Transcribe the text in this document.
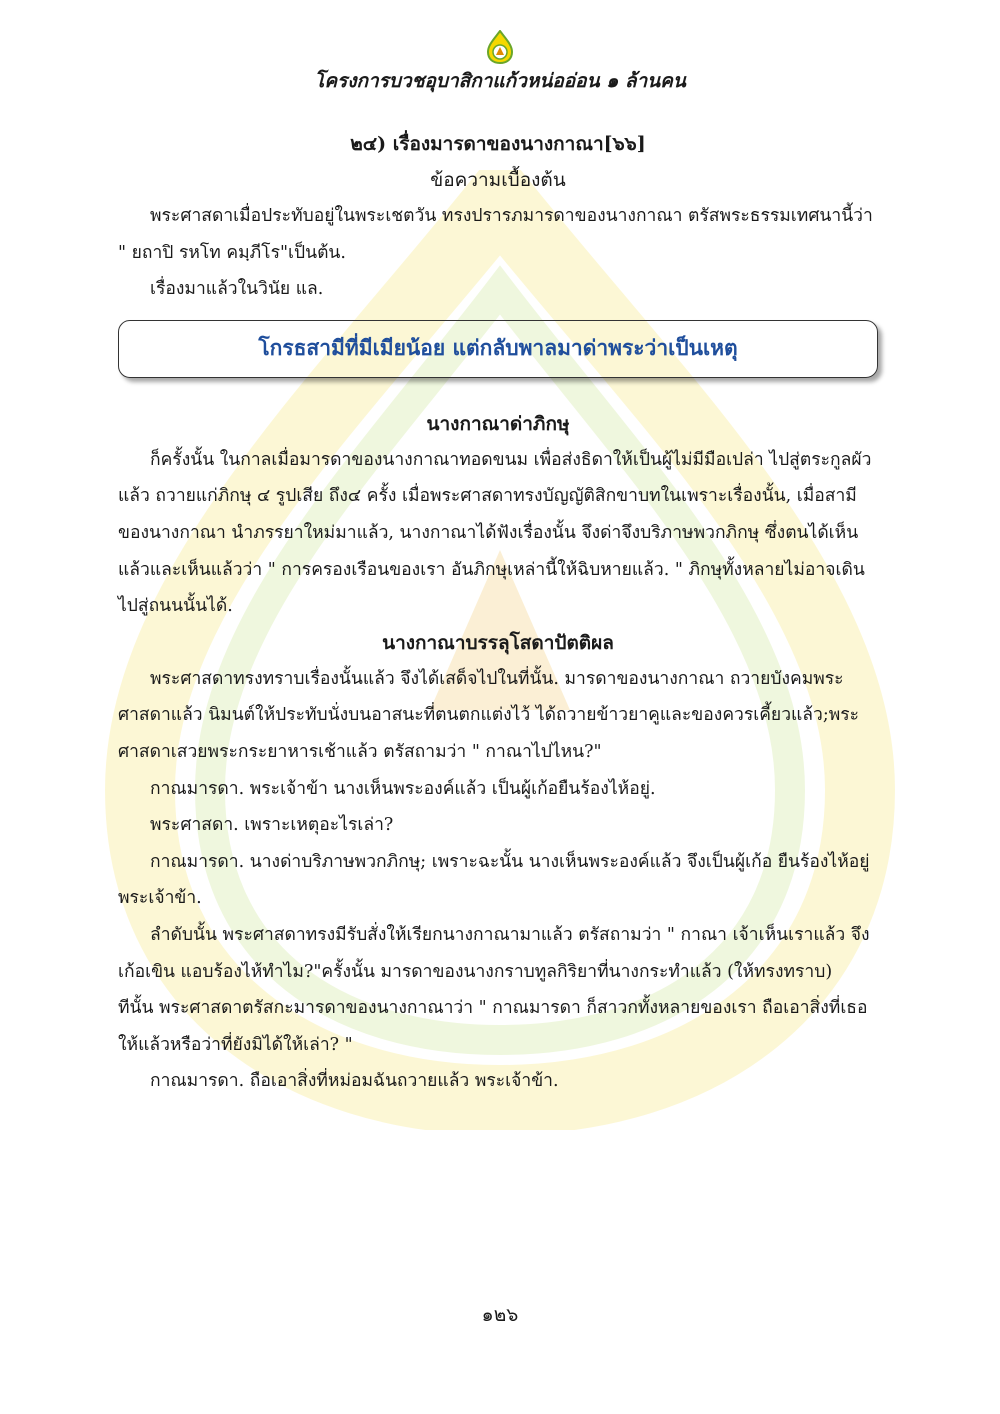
โครงการบวชอุบาสิกาแก้วหน่ออ่อน ๑ ล้านคน

๒๔) เรื่องมารดาของนางกาณา[๖๖]

ข้อความเบื้องต้น

พระศาสดาเมื่อประทับอยู่ในพระเชตวัน ทรงปรารภมารดาของนางกาณา ตรัสพระธรรมเทศนานี้ว่า " ยถาปิ รหโท คมฺภีโร"เป็นต้น.

เรื่องมาแล้วในวินัย แล.

โกรธสามีที่มีเมียน้อย แต่กลับพาลมาด่าพระว่าเป็นเหตุ

นางกาณาด่าภิกษุ

ก็ครั้งนั้น ในกาลเมื่อมารดาของนางกาณาทอดขนม เพื่อส่งธิดาให้เป็นผู้ไม่มีมือเปล่า ไปสู่ตระกูลผัวแล้ว ถวายแก่ภิกษุ ๔ รูปเสีย ถึง๔ ครั้ง เมื่อพระศาสดาทรงบัญญัติสิกขาบทในเพราะเรื่องนั้น, เมื่อสามีของนางกาณา นำภรรยาใหม่มาแล้ว, นางกาณาได้ฟังเรื่องนั้น จึงด่าจึงบริภาษพวกภิกษุ ซึ่งตนได้เห็นแล้วและเห็นแล้วว่า " การครองเรือนของเรา อันภิกษุเหล่านี้ให้ฉิบหายแล้ว. " ภิกษุทั้งหลายไม่อาจเดินไปสู่ถนนนั้นได้.

นางกาณาบรรลุโสดาปัตติผล

พระศาสดาทรงทราบเรื่องนั้นแล้ว จึงได้เสด็จไปในที่นั้น. มารดาของนางกาณา ถวายบังคมพระศาสดาแล้ว นิมนต์ให้ประทับนั่งบนอาสนะที่ตนตกแต่งไว้ ได้ถวายข้าวยาคูและของควรเคี้ยวแล้ว;พระศาสดาเสวยพระกระยาหารเช้าแล้ว ตรัสถามว่า " กาณาไปไหน?"

กาณมารดา. พระเจ้าข้า นางเห็นพระองค์แล้ว เป็นผู้เก้อยืนร้องไห้อยู่.

พระศาสดา. เพราะเหตุอะไรเล่า?

กาณมารดา. นางด่าบริภาษพวกภิกษุ; เพราะฉะนั้น นางเห็นพระองค์แล้ว จึงเป็นผู้เก้อ ยืนร้องไห้อยู่ พระเจ้าข้า.

ลำดับนั้น พระศาสดาทรงมีรับสั่งให้เรียกนางกาณามาแล้ว ตรัสถามว่า " กาณา เจ้าเห็นเราแล้ว จึงเก้อเขิน แอบร้องไห้ทำไม?"ครั้งนั้น มารดาของนางกราบทูลกิริยาที่นางกระทำแล้ว (ให้ทรงทราบ)

ทีนั้น พระศาสดาตรัสกะมารดาของนางกาณาว่า " กาณมารดา ก็สาวกทั้งหลายของเรา ถือเอาสิ่งที่เธอให้แล้วหรือว่าที่ยังมิได้ให้เล่า? "

กาณมารดา. ถือเอาสิ่งที่หม่อมฉันถวายแล้ว พระเจ้าข้า.

๑๒๖
